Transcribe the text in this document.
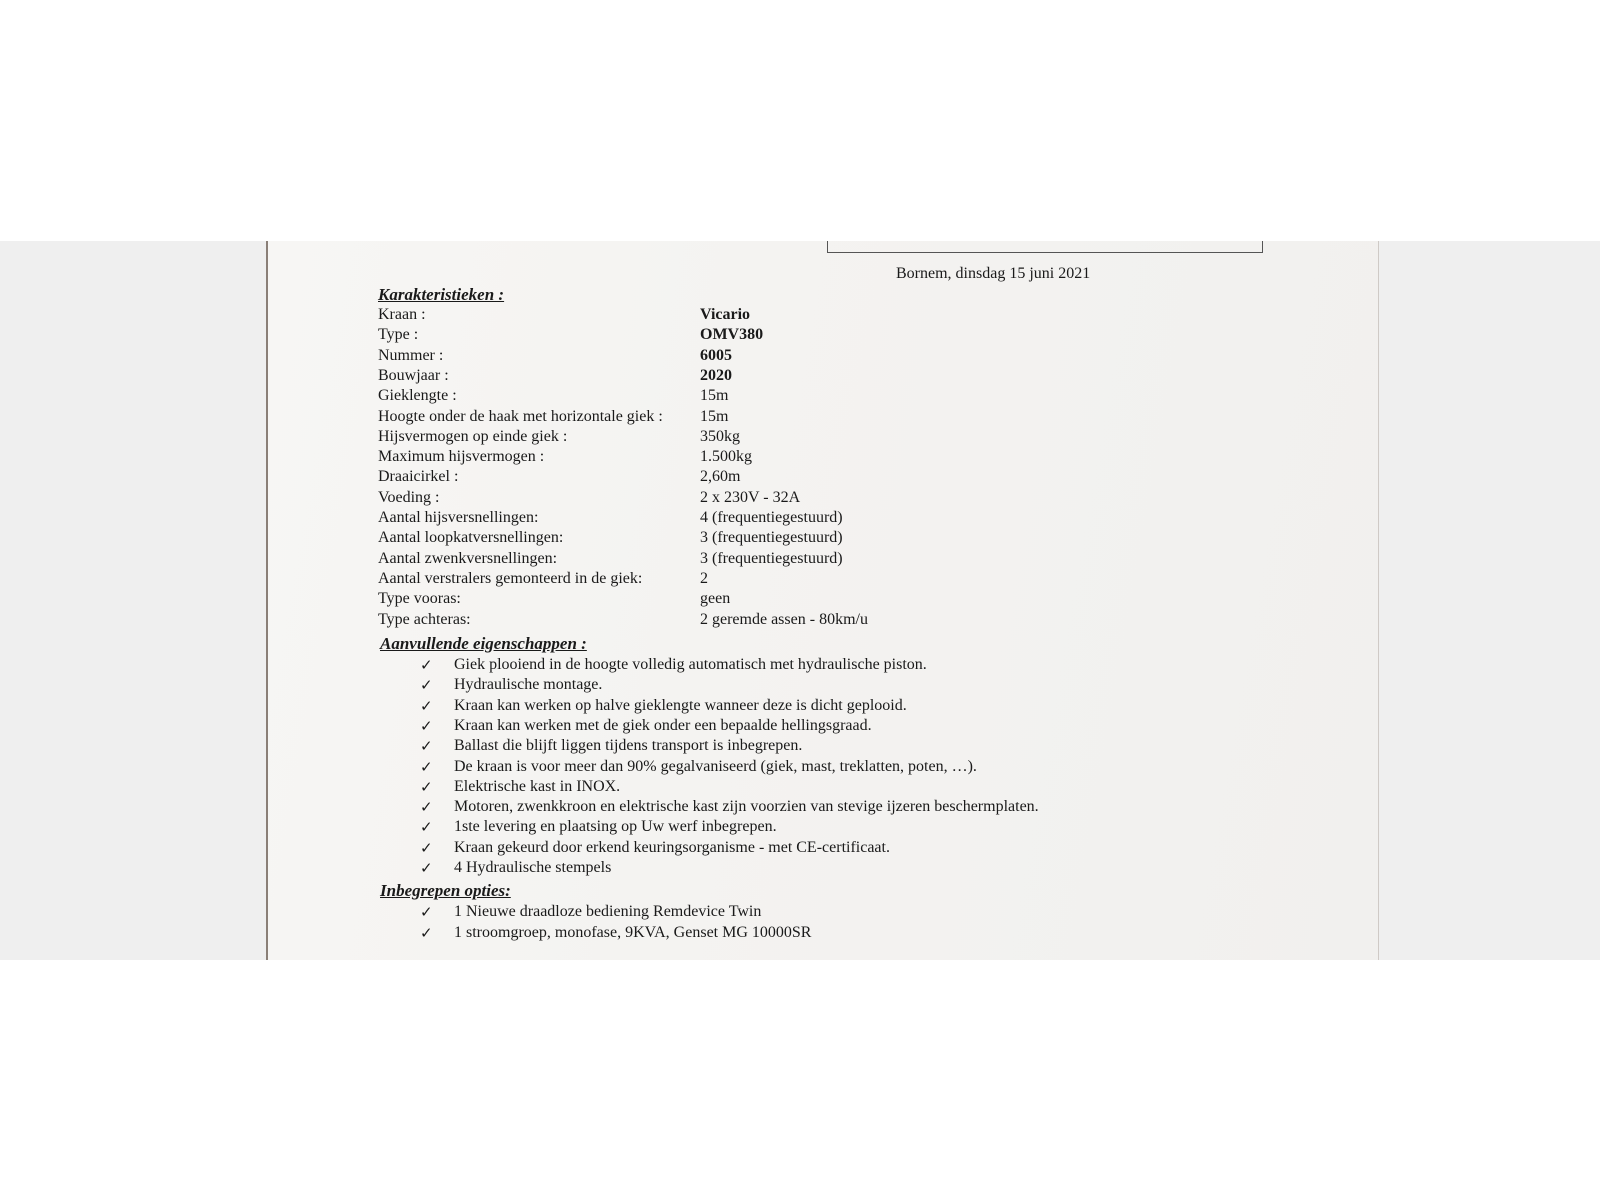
Bornem, dinsdag 15 juni 2021
Karakteristieken :
Kraan :	Vicario
Type :	OMV380
Nummer :	6005
Bouwjaar :	2020
Gieklengte :	15m
Hoogte onder de haak met horizontale giek : 15m
Hijsvermogen op einde giek :	350kg
Maximum hijsvermogen :	1.500kg
Draaicirkel :	2,60m
Voeding :	2 x 230V - 32A
Aantal hijsversnellingen:	4 (frequentiegestuurd)
Aantal loopkatversnellingen:	3 (frequentiegestuurd)
Aantal zwenkversnellingen:	3 (frequentiegestuurd)
Aantal verstralers gemonteerd in de giek:	2
Type vooras:	geen
Type achteras:	2 geremde assen - 80km/u
Aanvullende eigenschappen :
✓ Giek plooiend in de hoogte volledig automatisch met hydraulische piston.
✓ Hydraulische montage.
✓ Kraan kan werken op halve gieklengte wanneer deze is dicht geplooid.
✓ Kraan kan werken met de giek onder een bepaalde hellingsgraad.
✓ Ballast die blijft liggen tijdens transport is inbegrepen.
✓ De kraan is voor meer dan 90% gegalvaniseerd (giek, mast, treklatten, poten, …).
✓ Elektrische kast in INOX.
✓ Motoren, zwenkkroon en elektrische kast zijn voorzien van stevige ijzeren beschermplaten.
✓ 1ste levering en plaatsing op Uw werf inbegrepen.
✓ Kraan gekeurd door erkend keuringsorganisme - met CE-certificaat.
✓ 4 Hydraulische stempels
Inbegrepen opties:
✓ 1 Nieuwe draadloze bediening Remdevice Twin
✓ 1 stroomgroep, monofase, 9KVA, Genset MG 10000SR
